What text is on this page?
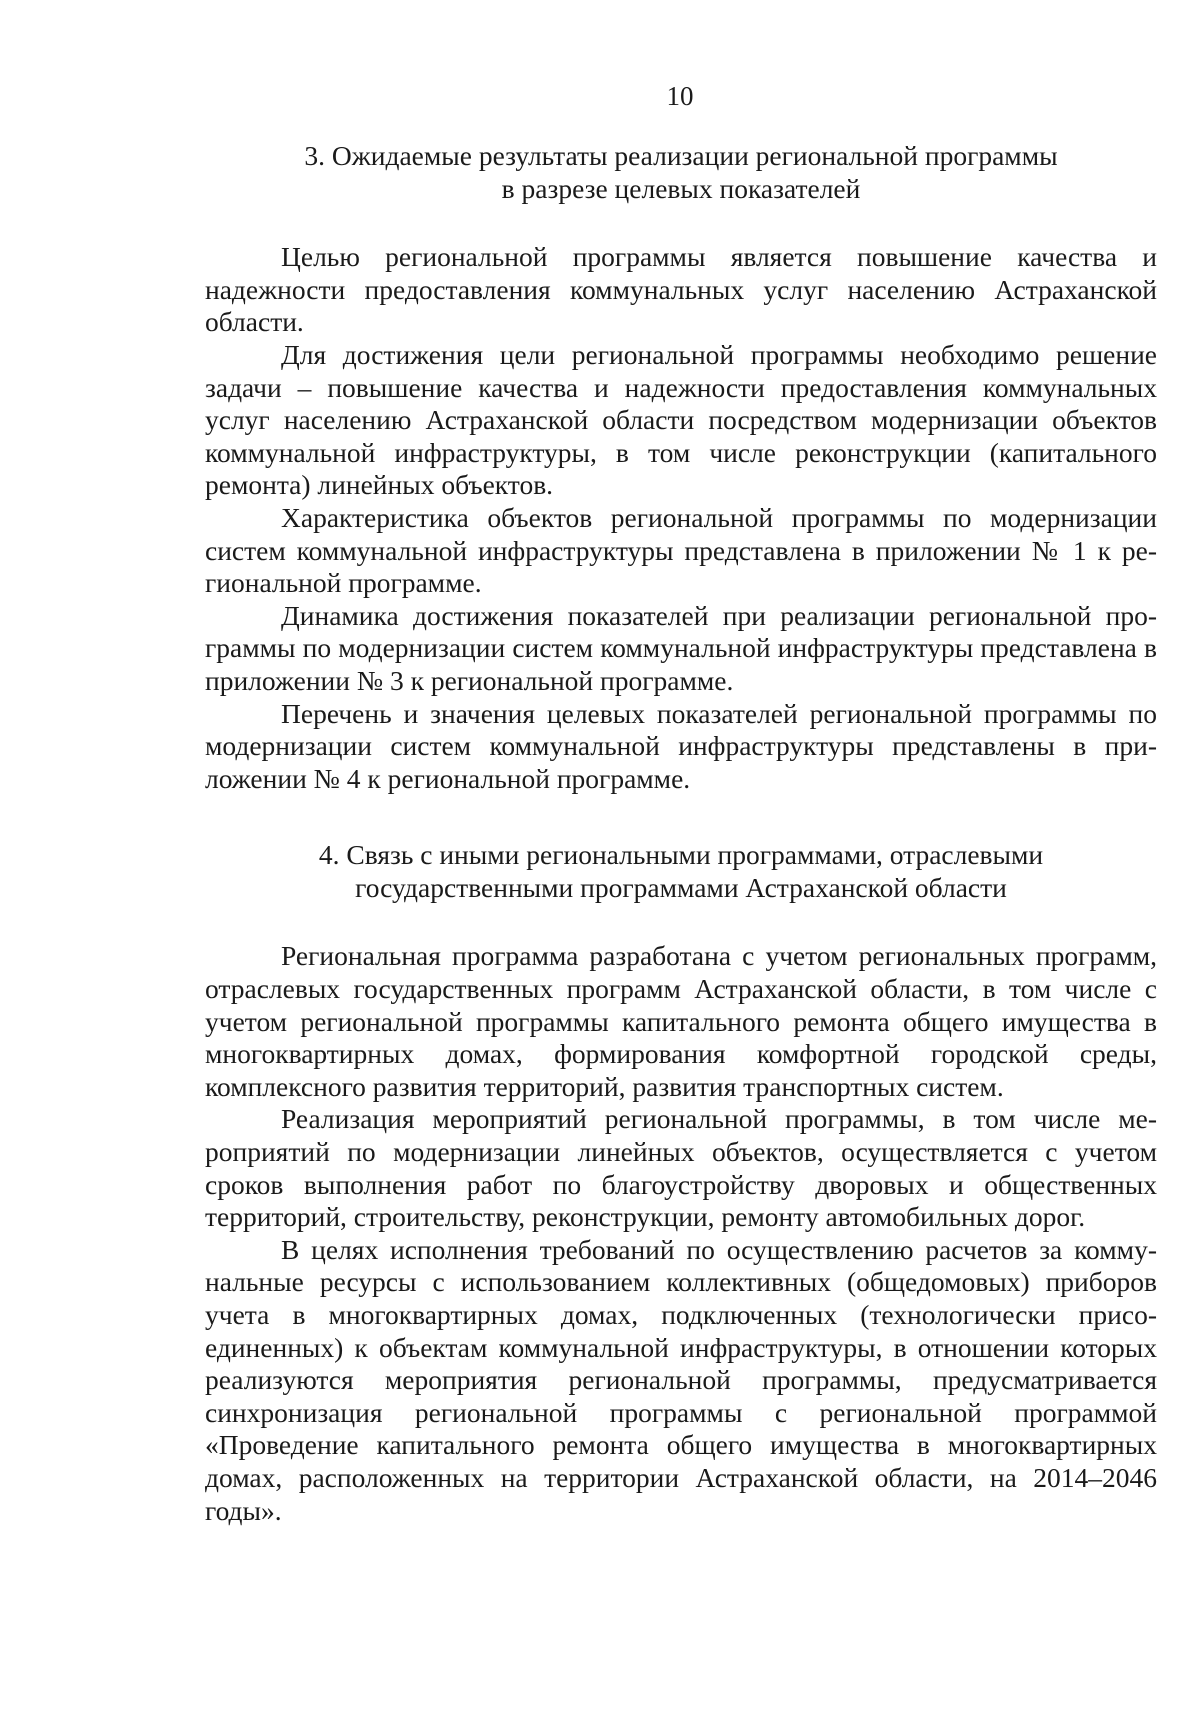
10
3. Ожидаемые результаты реализации региональной программы
в разрезе целевых показателей

Целью региональной программы является повышение качества и надежности предоставления коммунальных услуг населению Астраханской области.

Для достижения цели региональной программы необходимо решение задачи – повышение качества и надежности предоставления коммунальных услуг населению Астраханской области посредством модернизации объектов коммунальной инфраструктуры, в том числе реконструкции (капитального ремонта) линейных объектов.

Характеристика объектов региональной программы по модернизации систем коммунальной инфраструктуры представлена в приложении № 1 к региональной программе.

Динамика достижения показателей при реализации региональной программы по модернизации систем коммунальной инфраструктуры представлена в приложении № 3 к региональной программе.

Перечень и значения целевых показателей региональной программы по модернизации систем коммунальной инфраструктуры представлены в приложении № 4 к региональной программе.

4. Связь с иными региональными программами, отраслевыми
государственными программами Астраханской области

Региональная программа разработана с учетом региональных программ, отраслевых государственных программ Астраханской области, в том числе с учетом региональной программы капитального ремонта общего имущества в многоквартирных домах, формирования комфортной городской среды, комплексного развития территорий, развития транспортных систем.

Реализация мероприятий региональной программы, в том числе мероприятий по модернизации линейных объектов, осуществляется с учетом сроков выполнения работ по благоустройству дворовых и общественных территорий, строительству, реконструкции, ремонту автомобильных дорог.

В целях исполнения требований по осуществлению расчетов за коммунальные ресурсы с использованием коллективных (общедомовых) приборов учета в многоквартирных домах, подключенных (технологически присоединенных) к объектам коммунальной инфраструктуры, в отношении которых реализуются мероприятия региональной программы, предусматривается синхронизация региональной программы с региональной программой «Проведение капитального ремонта общего имущества в многоквартирных домах, расположенных на территории Астраханской области, на 2014–2046 годы».
